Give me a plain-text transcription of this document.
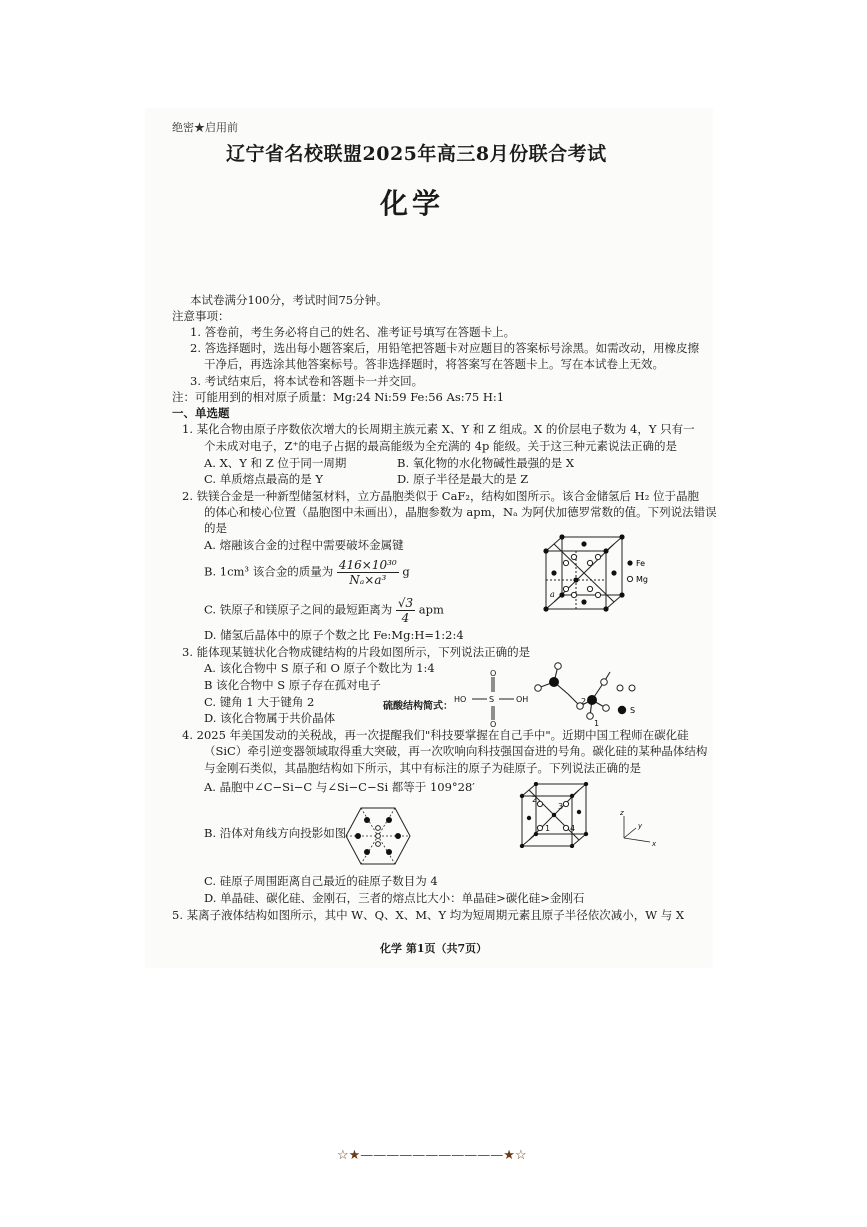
绝密★启用前
辽宁省名校联盟2025年高三8月份联合考试
化学
本试卷满分100分，考试时间75分钟。
注意事项：
1. 答卷前，考生务必将自己的姓名、准考证号填写在答题卡上。
2. 答选择题时，选出每小题答案后，用铅笔把答题卡对应题目的答案标号涂黑。如需改动，用橡皮擦
干净后，再选涂其他答案标号。答非选择题时，将答案写在答题卡上。写在本试卷上无效。
3. 考试结束后，将本试卷和答题卡一并交回。
注：可能用到的相对原子质量：Mg:24 Ni:59 Fe:56 As:75 H:1
一、单选题
1. 某化合物由原子序数依次增大的长周期主族元素 X、Y 和 Z 组成。X 的价层电子数为 4，Y 只有一
个未成对电子，Z⁺的电子占据的最高能级为全充满的 4p 能级。关于这三种元素说法正确的是
A. X、Y 和 Z 位于同一周期	B. 氧化物的水化物碱性最强的是 X
C. 单质熔点最高的是 Y	D. 原子半径是最大的是 Z
2. 铁镁合金是一种新型储氢材料，立方晶胞类似于 CaF₂，结构如图所示。该合金储氢后 H₂ 位于晶胞
的体心和棱心位置（晶胞图中未画出），晶胞参数为 apm，Nₐ 为阿伏加德罗常数的值。下列说法错误
的是
A. 熔融该合金的过程中需要破坏金属键
B. 1cm³ 该合金的质量为 $\frac{\text{416×10³⁰}}{\text{Nₐ×a³}}$ g
C. 铁原子和镁原子之间的最短距离为 $\frac{√3}{4}$ apm
D. 储氢后晶体中的原子个数之比 Fe:Mg:H=1:2:4
a
Fe
Mg
3. 能体现某链状化合物成键结构的片段如图所示，下列说法正确的是
A. 该化合物中 S 原子和 O 原子个数比为 1:4
B 该化合物中 S 原子存在孤对电子
C. 键角 1 大于键角 2
D. 该化合物属于共价晶体
硫酸结构简式：
O
S
O
HO	OH	2
1
S
4. 2025 年美国发动的关税战，再一次提醒我们"科技要掌握在自己手中"。近期中国工程师在碳化硅
（SiC）牵引逆变器领域取得重大突破，再一次吹响向科技强国奋进的号角。碳化硅的某种晶体结构
与金刚石类似，其晶胞结构如下所示，其中有标注的原子为硅原子。下列说法正确的是
A. 晶胞中∠C−Si−C 与∠Si−C−Si 都等于 109°28′
B. 沿体对角线方向投影如图
C. 硅原子周围距离自己最近的硅原子数目为 4
D. 单晶硅、碳化硅、金刚石，三者的熔点比大小：单晶硅>碳化硅>金刚石
2
3
1 4
z
y
x
5. 某离子液体结构如图所示，其中 W、Q、X、M、Y 均为短周期元素且原子半径依次减小，W 与 X
化学 第1页（共7页）
☆★———————————★☆
